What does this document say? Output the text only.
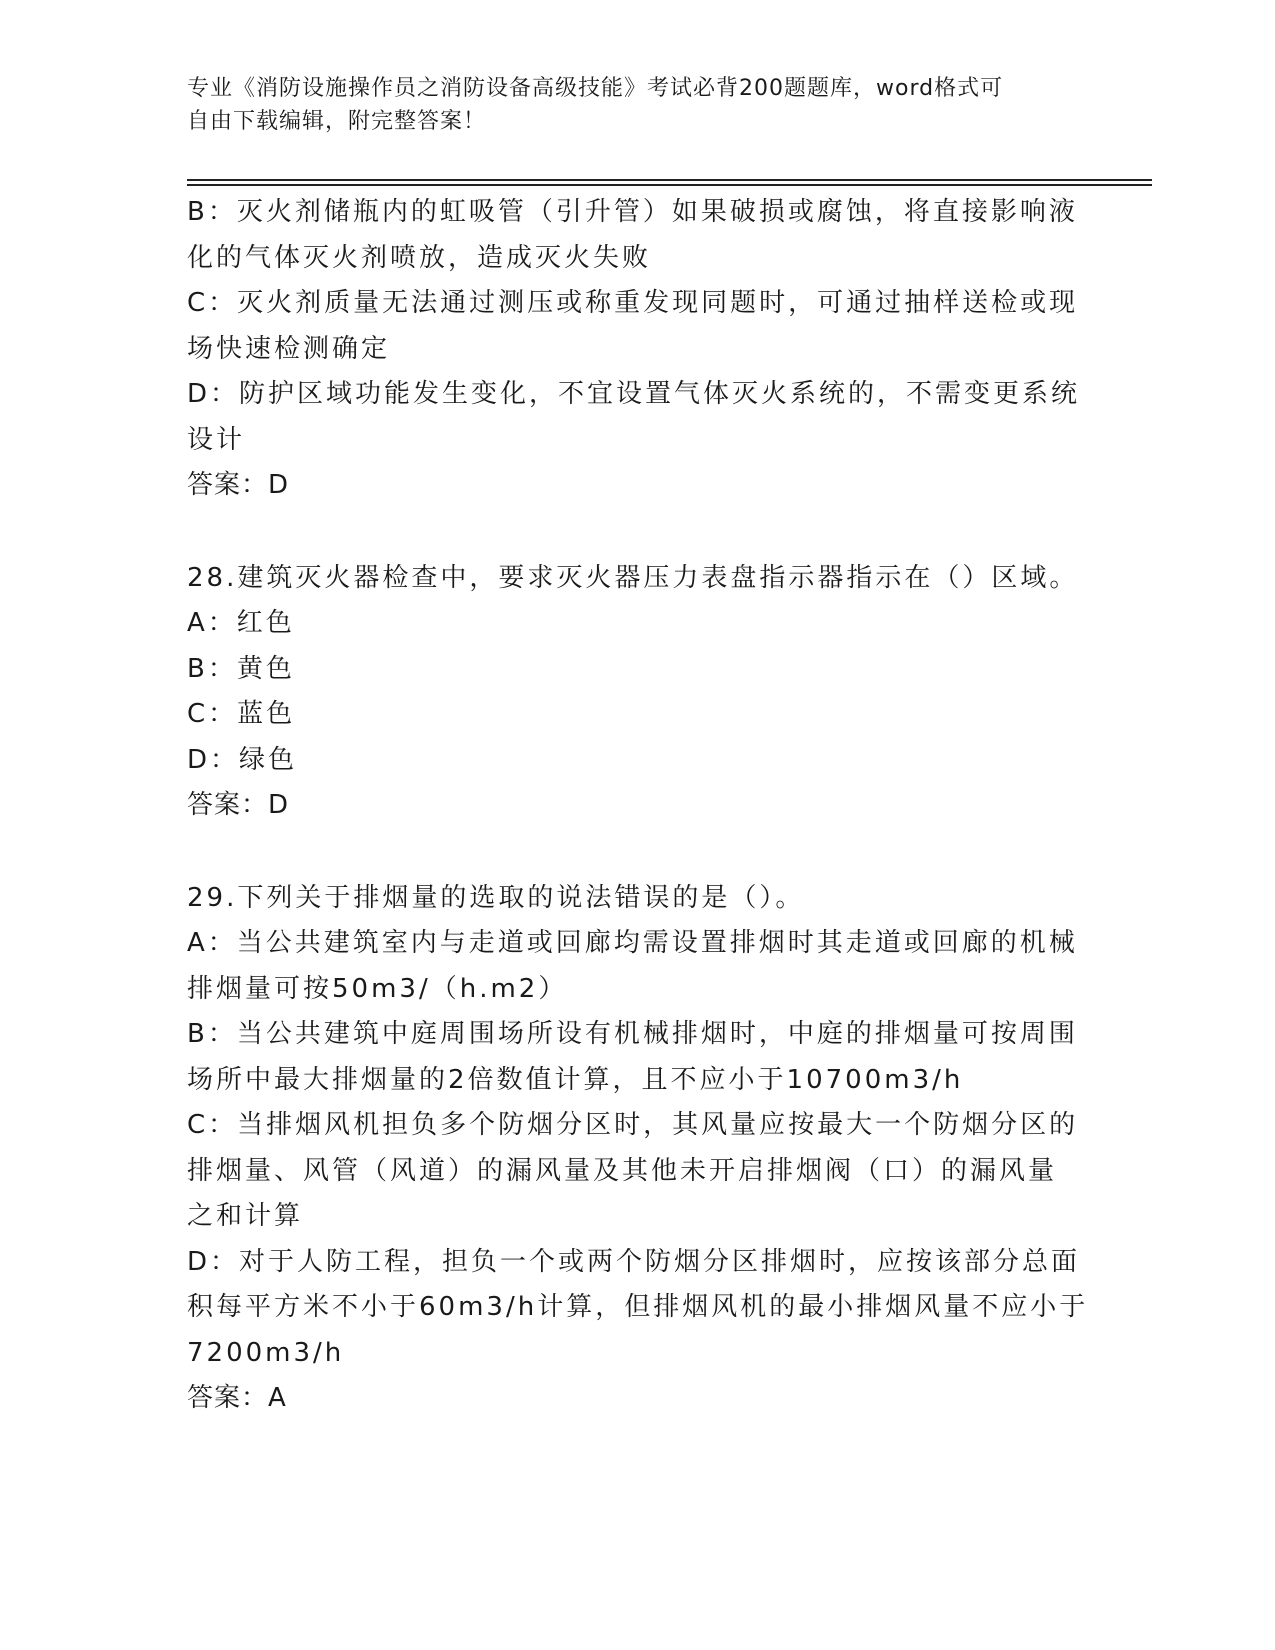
专业《消防设施操作员之消防设备高级技能》考试必背200题题库，word格式可
自由下载编辑，附完整答案！
B：灭火剂储瓶内的虹吸管（引升管）如果破损或腐蚀，将直接影响液
化的气体灭火剂喷放，造成灭火失败
C：灭火剂质量无法通过测压或称重发现同题时，可通过抽样送检或现
场快速检测确定
D：防护区域功能发生变化，不宜设置气体灭火系统的，不需变更系统
设计
答案：D
28.建筑灭火器检查中，要求灭火器压力表盘指示器指示在（）区域。
A：红色
B：黄色
C：蓝色
D：绿色
答案：D
29.下列关于排烟量的选取的说法错误的是（）。
A：当公共建筑室内与走道或回廊均需设置排烟时其走道或回廊的机械
排烟量可按50m3/（h.m2）
B：当公共建筑中庭周围场所设有机械排烟时，中庭的排烟量可按周围
场所中最大排烟量的2倍数值计算，且不应小于10700m3/h
C：当排烟风机担负多个防烟分区时，其风量应按最大一个防烟分区的
排烟量、风管（风道）的漏风量及其他未开启排烟阀（口）的漏风量
之和计算
D：对于人防工程，担负一个或两个防烟分区排烟时，应按该部分总面
积每平方米不小于60m3/h计算，但排烟风机的最小排烟风量不应小于
7200m3/h
答案：A
